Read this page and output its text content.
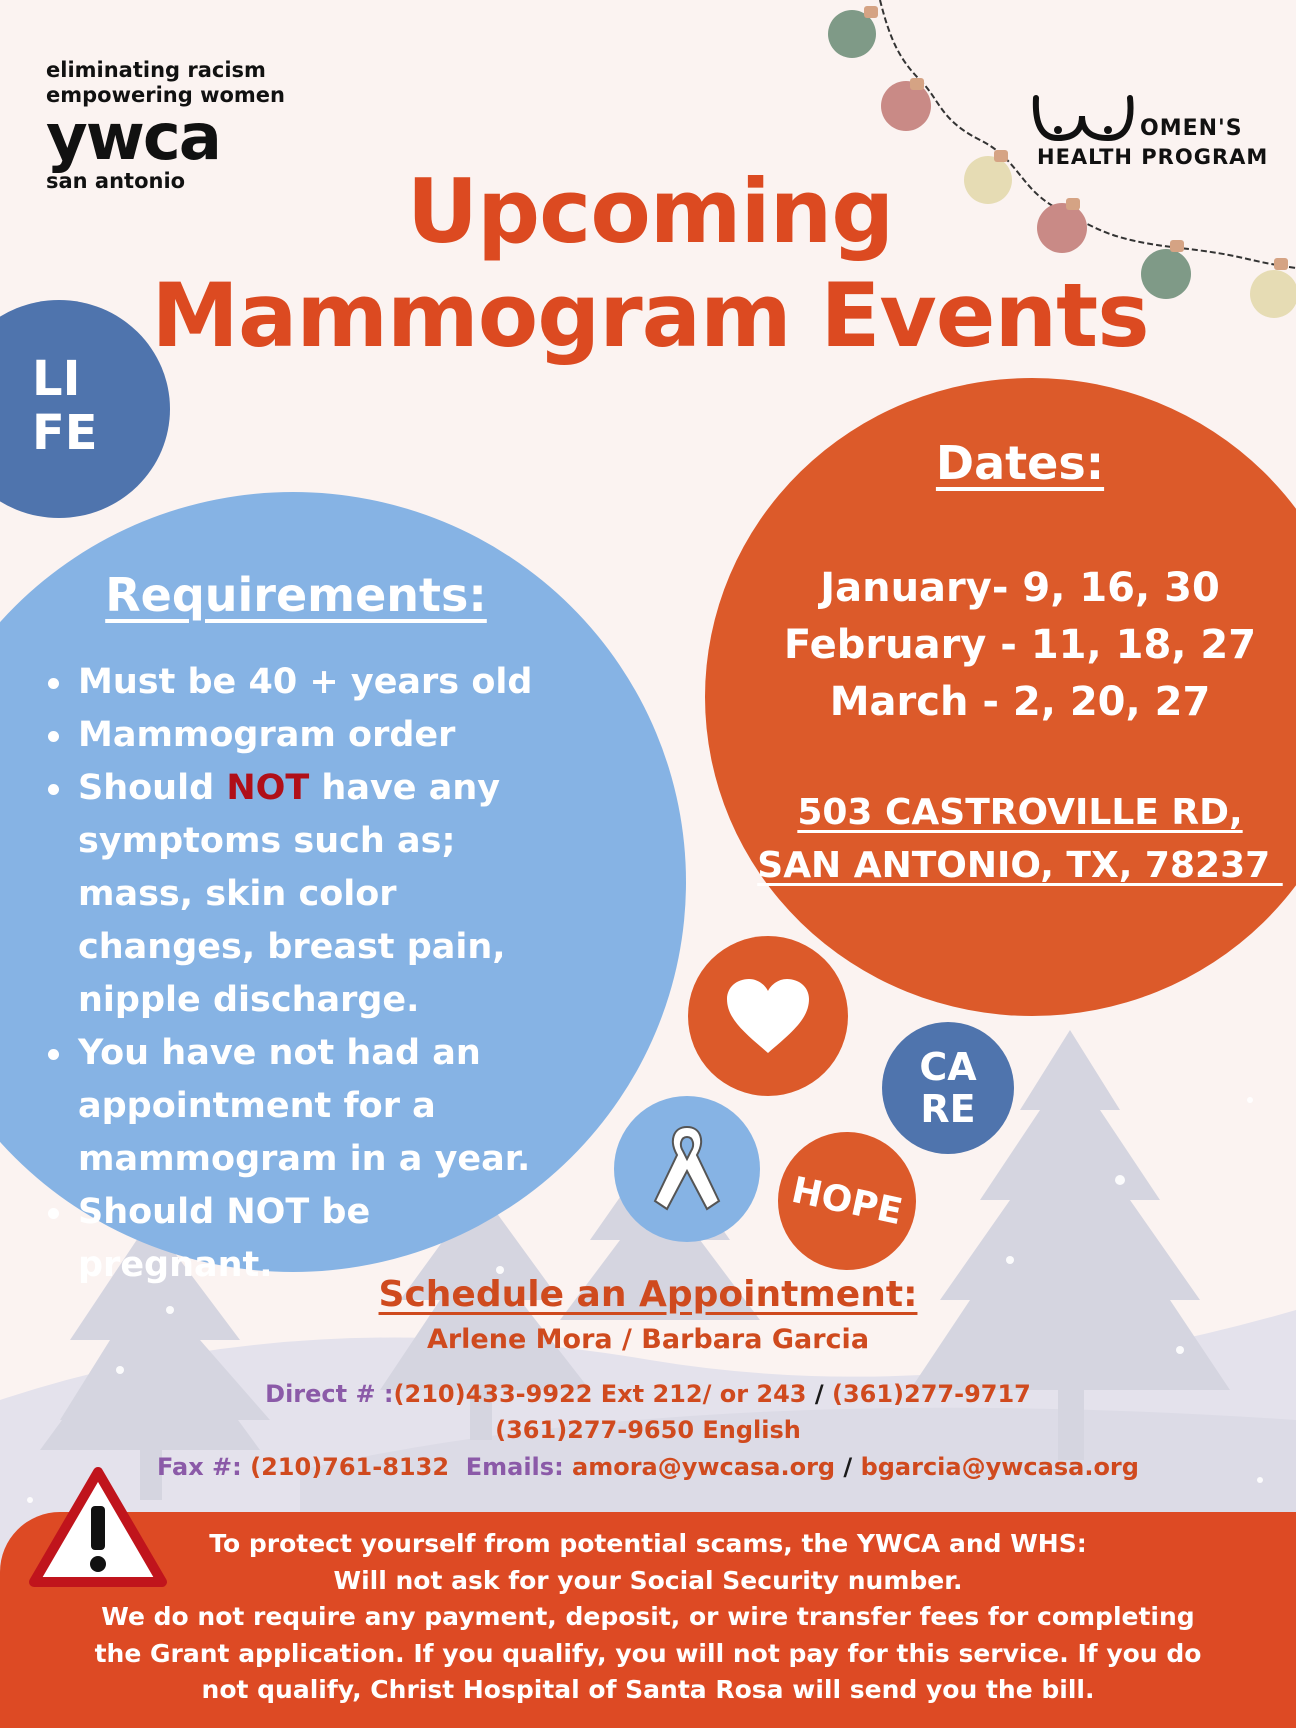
eliminating racism
empowering women
ywca
san antonio
OMEN'S
HEALTH PROGRAM
Upcoming
Mammogram Events
LI
FE
Requirements:
Must be 40 + years old
Mammogram order
Should NOT have any symptoms such as; mass, skin color changes, breast pain, nipple discharge.
You have not had an appointment for a mammogram in a year.
Should NOT be pregnant.
Dates:
January- 9, 16, 30
February - 11, 18, 27
March - 2, 20, 27
503 CASTROVILLE RD,
SAN ANTONIO, TX, 78237
CA
RE
HOPE
Schedule an Appointment:
Arlene Mora / Barbara Garcia
Direct # :(210)433-9922 Ext 212/ or 243 / (361)277-9717
(361)277-9650 English
Fax #: (210)761-8132  Emails: amora@ywcasa.org / bgarcia@ywcasa.org
To protect yourself from potential scams, the YWCA and WHS:
Will not ask for your Social Security number.
We do not require any payment, deposit, or wire transfer fees for completing
the Grant application. If you qualify, you will not pay for this service. If you do
not qualify, Christ Hospital of Santa Rosa will send you the bill.
